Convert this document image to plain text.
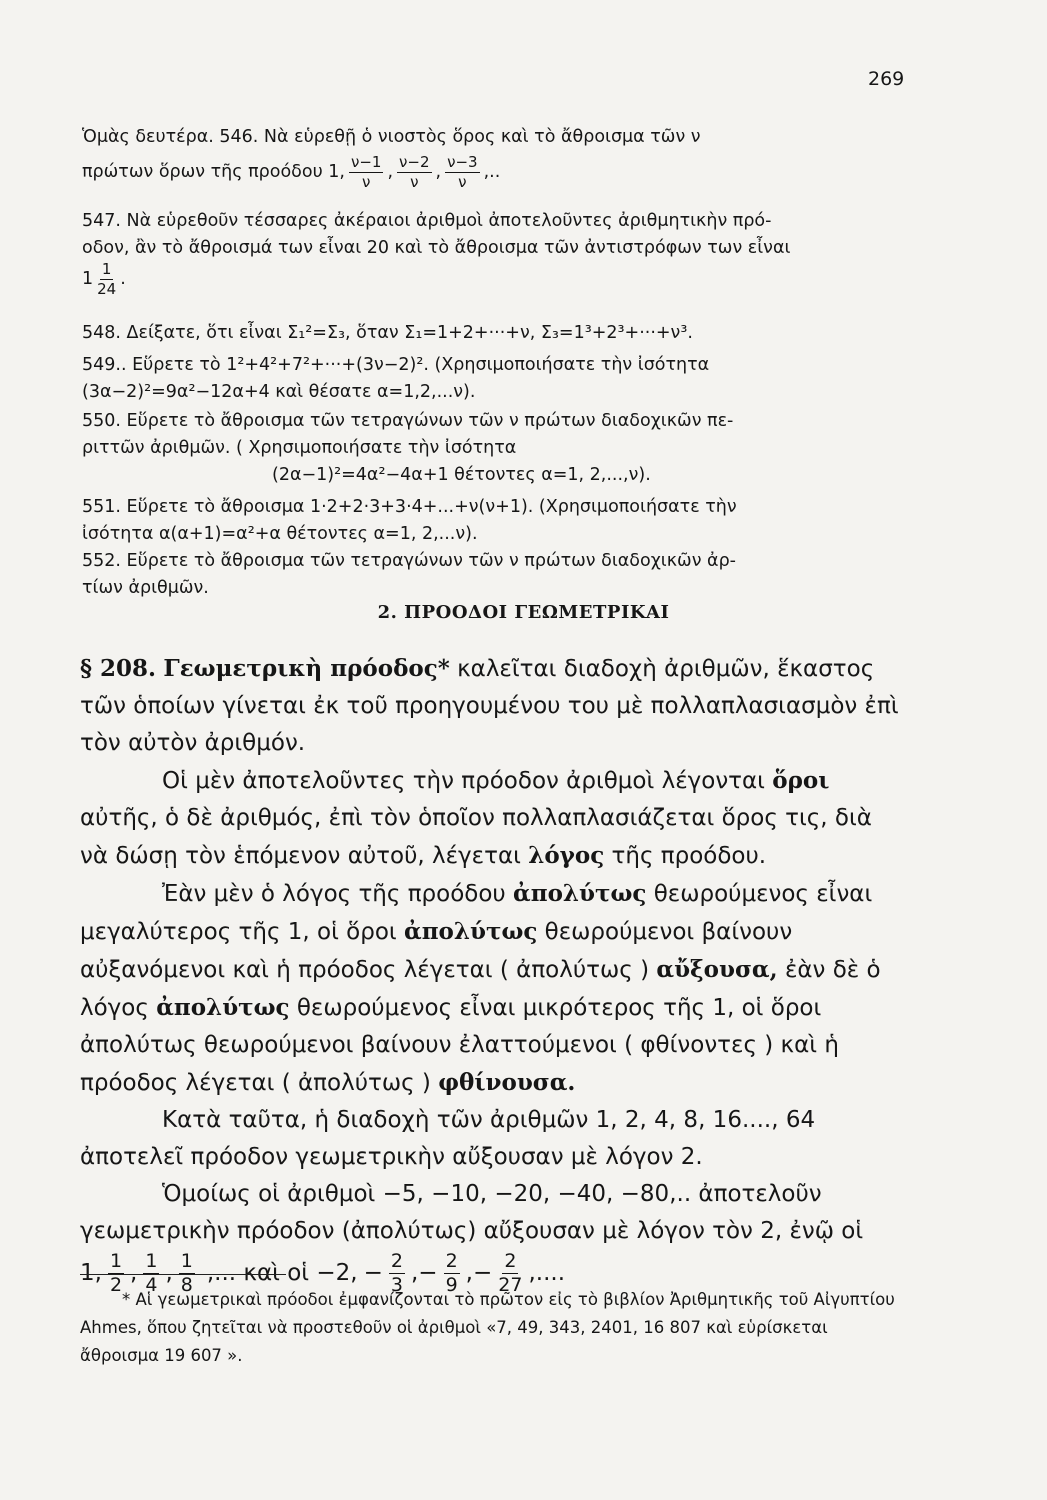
269

Ὁμὰς δευτέρα. 546. Νὰ εὑρεθῇ ὁ νιοστὸς ὅρος καὶ τὸ ἄθροισμα τῶν ν

πρώτων ὅρων τῆς προόδου 1, $\frac{\nu-1}{\nu}$ , $\frac{\nu-2}{\nu}$ , $\frac{\nu-3}{\nu}$ ,..

547. Νὰ εὑρεθοῦν τέσσαρες ἀκέραιοι ἀριθμοὶ ἀποτελοῦντες ἀριθμητικὴν πρό-

οδον, ἂν τὸ ἄθροισμά των εἶναι 20 καὶ τὸ ἄθροισμα τῶν ἀντιστρόφων των εἶναι

$1 \frac{1}{24}$ .

548. Δείξατε, ὅτι εἶναι Σ₁²=Σ₃, ὅταν Σ₁=1+2+···+ν, Σ₃=1³+2³+···+ν³.

549.. Εὕρετε τὸ 1²+4²+7²+···+(3ν−2)². (Χρησιμοποιήσατε τὴν ἰσότητα

(3α−2)²=9α²−12α+4 καὶ θέσατε α=1,2,...ν).

550. Εὕρετε τὸ ἄθροισμα τῶν τετραγώνων τῶν ν πρώτων διαδοχικῶν πε-

ριττῶν ἀριθμῶν. ( Χρησιμοποιήσατε τὴν ἰσότητα

(2α−1)²=4α²−4α+1 θέτοντες α=1, 2,...,ν).

551. Εὕρετε τὸ ἄθροισμα 1·2+2·3+3·4+...+ν(ν+1). (Χρησιμοποιήσατε τὴν

ἰσότητα α(α+1)=α²+α θέτοντες α=1, 2,...ν).

552. Εὕρετε τὸ ἄθροισμα τῶν τετραγώνων τῶν ν πρώτων διαδοχικῶν ἀρ-

τίων ἀριθμῶν.

2. ΠΡΟΟΔΟΙ ΓΕΩΜΕΤΡΙΚΑΙ

§ 208. Γεωμετρικὴ πρόοδος* καλεῖται διαδοχὴ ἀριθμῶν, ἕκαστος τῶν ὁποίων γίνεται ἐκ τοῦ προηγουμένου του μὲ πολλαπλασιασμὸν ἐπὶ τὸν αὐτὸν ἀριθμόν.

Οἱ μὲν ἀποτελοῦντες τὴν πρόοδον ἀριθμοὶ λέγονται ὅροι αὐτῆς, ὁ δὲ ἀριθμός, ἐπὶ τὸν ὁποῖον πολλαπλασιάζεται ὅρος τις, διὰ νὰ δώσῃ τὸν ἑπόμενον αὐτοῦ, λέγεται λόγος τῆς προόδου.

Ἐὰν μὲν ὁ λόγος τῆς προόδου ἀπολύτως θεωρούμενος εἶναι μεγαλύτερος τῆς 1, οἱ ὅροι ἀπολύτως θεωρούμενοι βαίνουν αὐξανόμενοι καὶ ἡ πρόοδος λέγεται ( ἀπολύτως ) αὔξουσα, ἐὰν δὲ ὁ λόγος ἀπολύτως θεωρούμενος εἶναι μικρότερος τῆς 1, οἱ ὅροι ἀπολύτως θεωρούμενοι βαίνουν ἐλαττούμενοι ( φθίνοντες ) καὶ ἡ πρόοδος λέγεται ( ἀπολύτως ) φθίνουσα.

Κατὰ ταῦτα, ἡ διαδοχὴ τῶν ἀριθμῶν 1, 2, 4, 8, 16...., 64 ἀποτελεῖ πρόοδον γεωμετρικὴν αὔξουσαν μὲ λόγον 2.

Ὁμοίως οἱ ἀριθμοὶ −5, −10, −20, −40, −80,.. ἀποτελοῦν γεωμετρικὴν πρόοδον (ἀπολύτως) αὔξουσαν μὲ λόγον τὸν 2, ἐνῷ οἱ

1, $\frac{1}{2}$ , $\frac{1}{4}$ , $\frac{1}{8}$ ,... καὶ οἱ −2, − $\frac{2}{3}$ , − $\frac{2}{9}$ , − $\frac{2}{27}$ ,....

* Αἱ γεωμετρικαὶ πρόοδοι ἐμφανίζονται τὸ πρῶτον εἰς τὸ βιβλίον Ἀριθμητικῆς τοῦ Αἰγυπτίου Ahmes, ὅπου ζητεῖται νὰ προστεθοῦν οἱ ἀριθμοὶ «7, 49, 343, 2401, 16 807 καὶ εὑρίσκεται ἄθροισμα 19 607 ».
